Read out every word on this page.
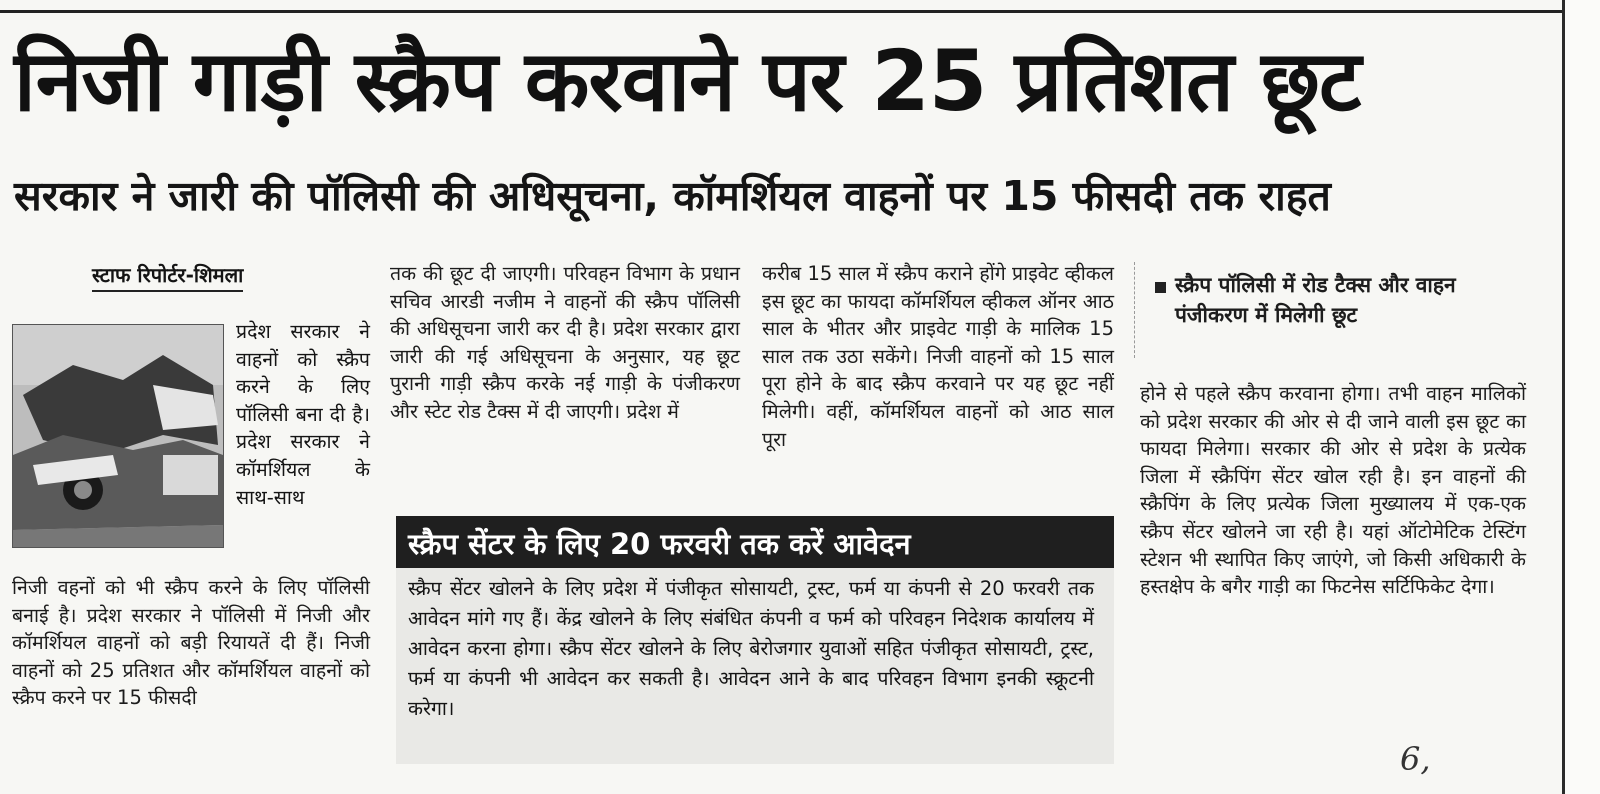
निजी गाड़ी स्क्रैप करवाने पर 25 प्रतिशत छूट
सरकार ने जारी की पॉलिसी की अधिसूचना, कॉमर्शियल वाहनों पर 15 फीसदी तक राहत
स्टाफ रिपोर्टर-शिमला

प्रदेश सरकार ने वाहनों को स्क्रैप करने के लिए पॉलिसी बना दी है। प्रदेश सरकार ने कॉमर्शियल के साथ-साथ

निजी वहनों को भी स्क्रैप करने के लिए पॉलिसी बनाई है। प्रदेश सरकार ने पॉलिसी में निजी और कॉमर्शियल वाहनों को बड़ी रियायतें दी हैं। निजी वाहनों को 25 प्रतिशत और कॉमर्शियल वाहनों को स्क्रैप करने पर 15 फीसदी

तक की छूट दी जाएगी। परिवहन विभाग के प्रधान सचिव आरडी नजीम ने वाहनों की स्क्रैप पॉलिसी की अधिसूचना जारी कर दी है। प्रदेश सरकार द्वारा जारी की गई अधिसूचना के अनुसार, यह छूट पुरानी गाड़ी स्क्रैप करके नई गाड़ी के पंजीकरण और स्टेट रोड टैक्स में दी जाएगी। प्रदेश में

करीब 15 साल में स्क्रैप कराने होंगे प्राइवेट व्हीकल इस छूट का फायदा कॉमर्शियल व्हीकल ऑनर आठ साल के भीतर और प्राइवेट गाड़ी के मालिक 15 साल तक उठा सकेंगे। निजी वाहनों को 15 साल पूरा होने के बाद स्क्रैप करवाने पर यह छूट नहीं मिलेगी। वहीं, कॉमर्शियल वाहनों को आठ साल पूरा

स्क्रैप पॉलिसी में रोड टैक्स और वाहन पंजीकरण में मिलेगी छूट

होने से पहले स्क्रैप करवाना होगा। तभी वाहन मालिकों को प्रदेश सरकार की ओर से दी जाने वाली इस छूट का फायदा मिलेगा। सरकार की ओर से प्रदेश के प्रत्येक जिला में स्क्रैपिंग सेंटर खोल रही है। इन वाहनों की स्क्रैपिंग के लिए प्रत्येक जिला मुख्यालय में एक-एक स्क्रैप सेंटर खोलने जा रही है। यहां ऑटोमेटिक टेस्टिंग स्टेशन भी स्थापित किए जाएंगे, जो किसी अधिकारी के हस्तक्षेप के बगैर गाड़ी का फिटनेस सर्टिफिकेट देगा।

स्क्रैप सेंटर के लिए 20 फरवरी तक करें आवेदन

स्क्रैप सेंटर खोलने के लिए प्रदेश में पंजीकृत सोसायटी, ट्रस्ट, फर्म या कंपनी से 20 फरवरी तक आवेदन मांगे गए हैं। केंद्र खोलने के लिए संबंधित कंपनी व फर्म को परिवहन निदेशक कार्यालय में आवेदन करना होगा। स्क्रैप सेंटर खोलने के लिए बेरोजगार युवाओं सहित पंजीकृत सोसायटी, ट्रस्ट, फर्म या कंपनी भी आवेदन कर सकती है। आवेदन आने के बाद परिवहन विभाग इनकी स्क्रूटनी करेगा।

6,
